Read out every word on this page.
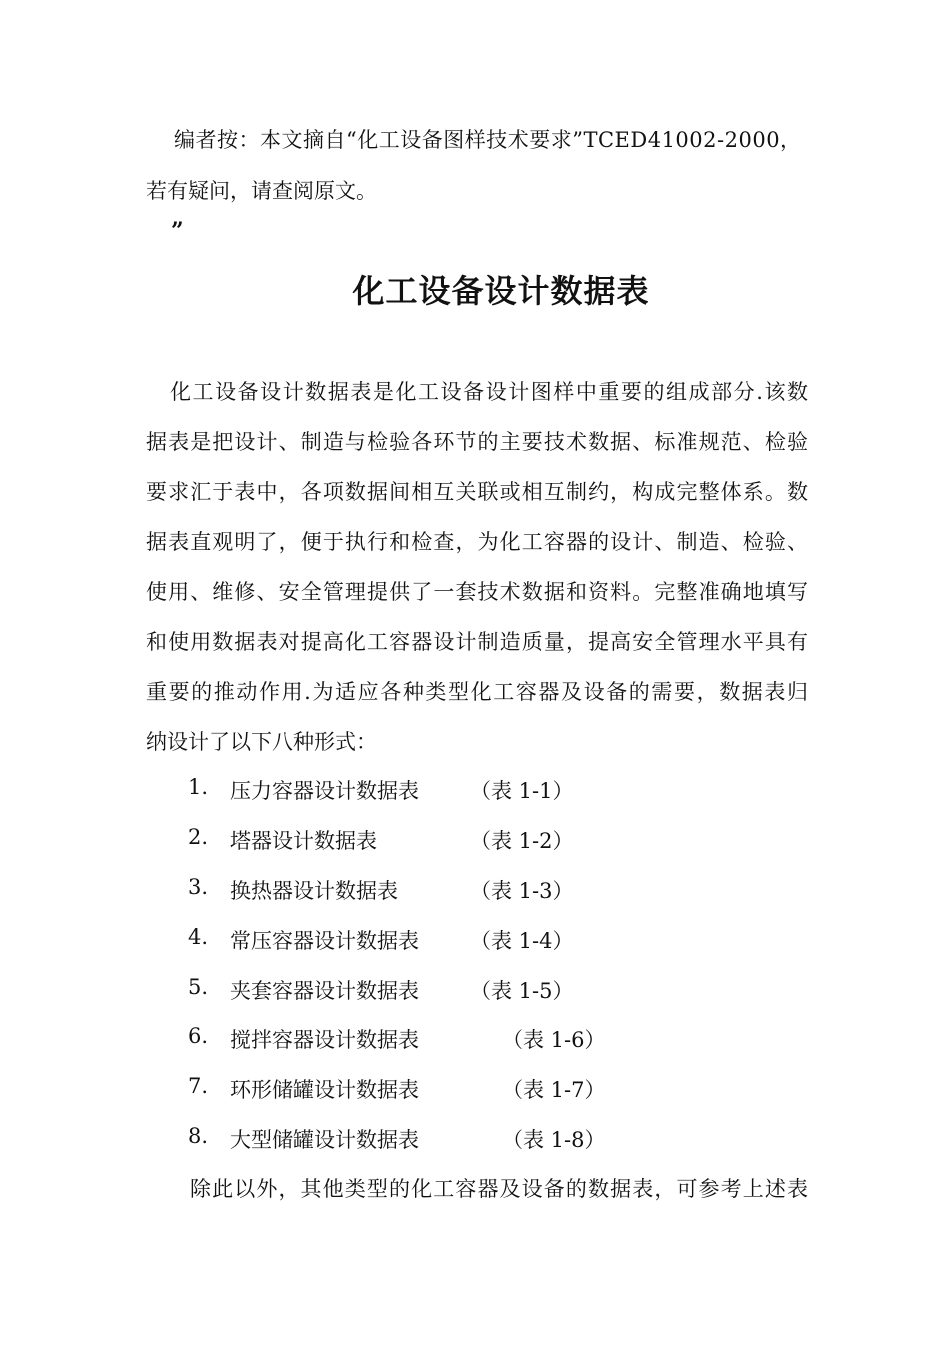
编者按：本文摘自“化工设备图样技术要求”TCED41002-2000，
若有疑问，请查阅原文。
”
化工设备设计数据表
化工设备设计数据表是化工设备设计图样中重要的组成部分.该数
据表是把设计、制造与检验各环节的主要技术数据、标准规范、检验
要求汇于表中，各项数据间相互关联或相互制约，构成完整体系。数
据表直观明了，便于执行和检查，为化工容器的设计、制造、检验、
使用、维修、安全管理提供了一套技术数据和资料。完整准确地填写
和使用数据表对提高化工容器设计制造质量，提高安全管理水平具有
重要的推动作用.为适应各种类型化工容器及设备的需要，数据表归
纳设计了以下八种形式：
1. 压力容器设计数据表 （表 1-1）
2. 塔器设计数据表	（表 1-2）
3. 换热器设计数据表	（表 1-3）
4. 常压容器设计数据表 （表 1-4）
5. 夹套容器设计数据表 （表 1-5）
6. 搅拌容器设计数据表	（表 1-6）
7. 环形储罐设计数据表	（表 1-7）
8. 大型储罐设计数据表	（表 1-8）
除此以外，其他类型的化工容器及设备的数据表，可参考上述表
